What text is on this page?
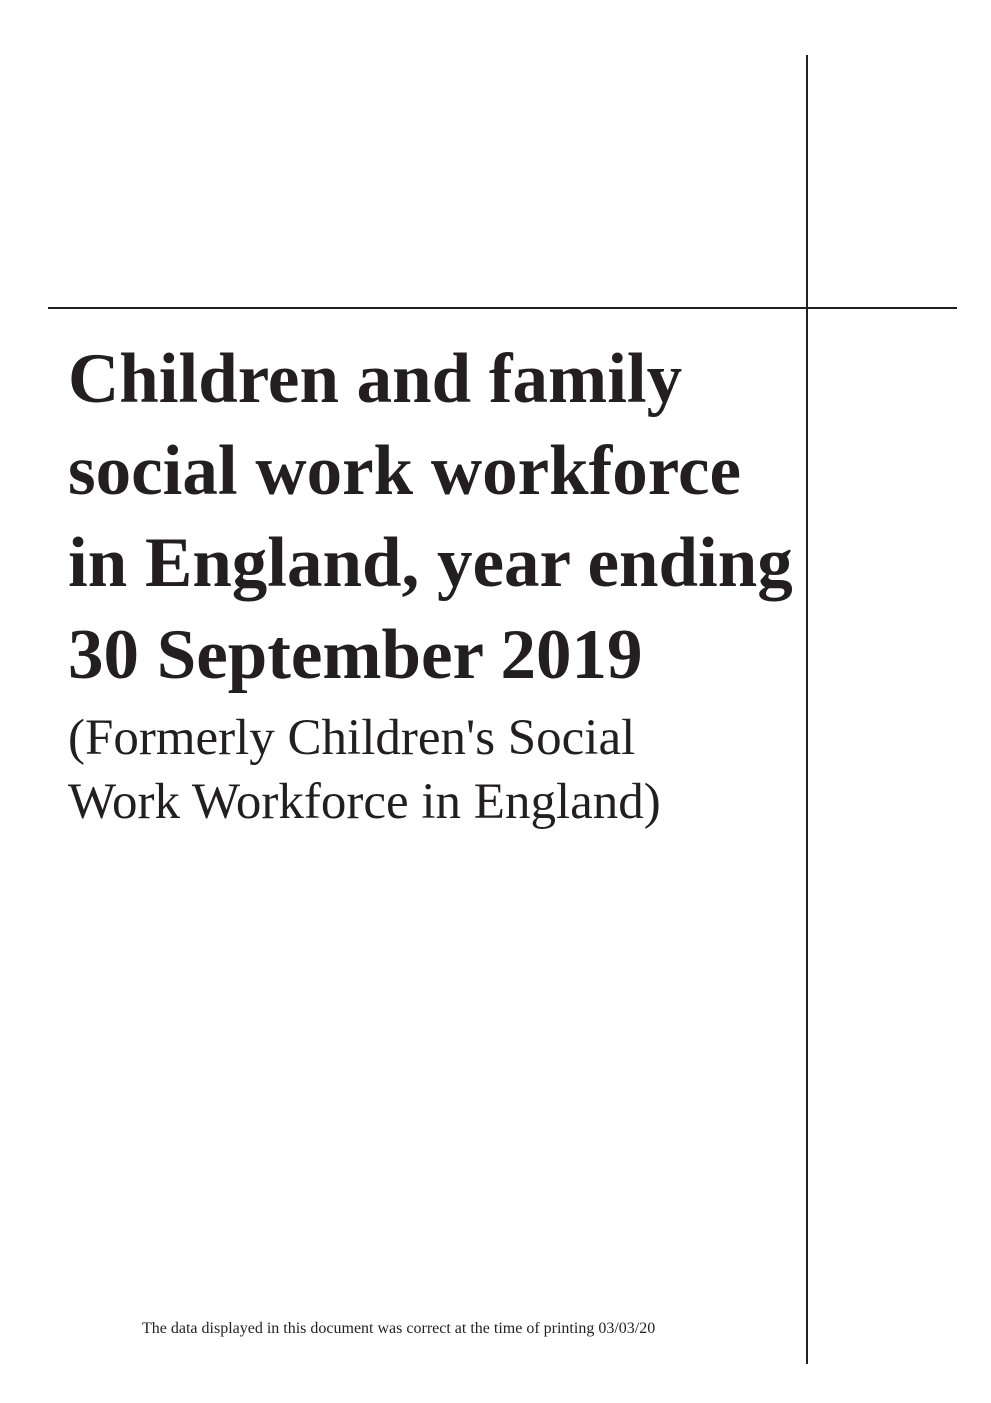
Children and family
social work workforce
in England, year ending
30 September 2019
(Formerly Children's Social
Work Workforce in England)
The data displayed in this document was correct at the time of printing 03/03/20
